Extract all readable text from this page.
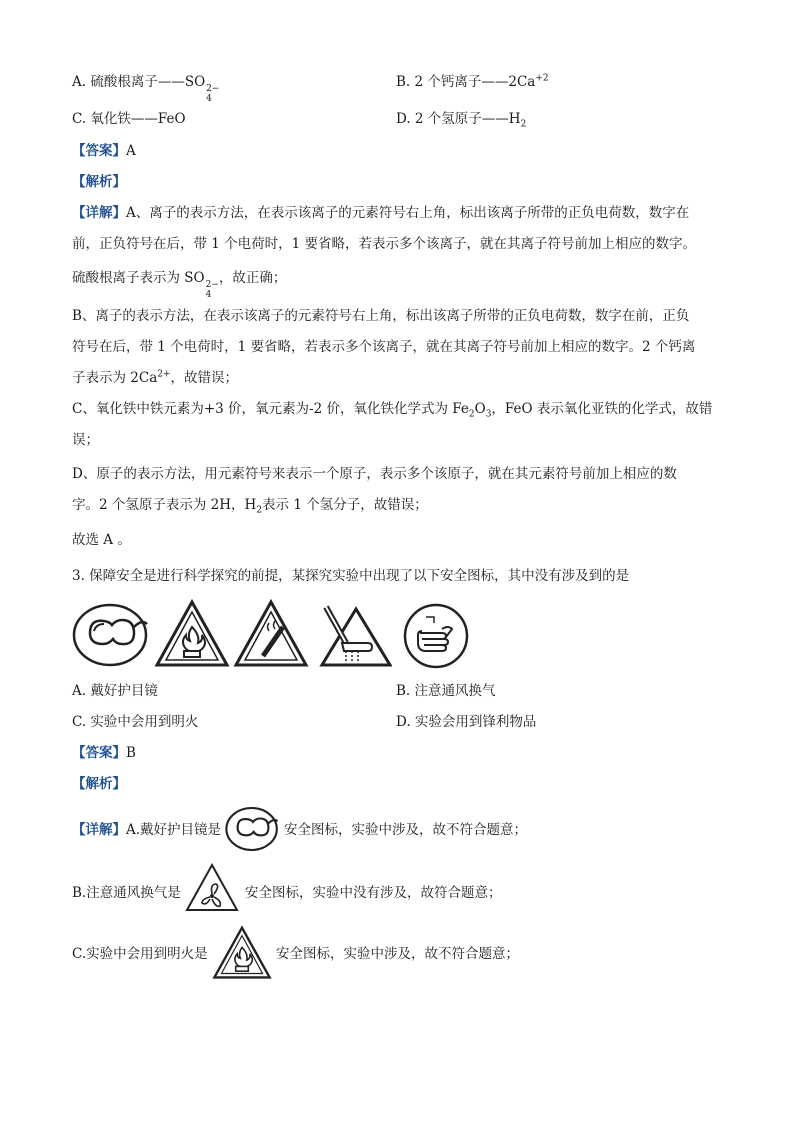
A. 硫酸根离子——SO 2−
4
B. 2 个钙离子$——2Ca^{+2}$
C. 氧化铁——FeO	D. 2 个氢原子$——H_2$
【答案】A
【解析】
【详解】A、离子的表示方法，在表示该离子的元素符号右上角，标出该离子所带的正负电荷数，数字在
前，正负符号在后，带 1 个电荷时，1 要省略，若表示多个该离子，就在其离子符号前加上相应的数字。
硫酸根离子表示为 SO 2−
4
，故正确；
B、离子的表示方法，在表示该离子的元素符号右上角，标出该离子所带的正负电荷数，数字在前，正负
符号在后，带 1 个电荷时，1 要省略，若表示多个该离子，就在其离子符号前加上相应的数字。2 个钙离
子表示为 $2Ca^{2+}$，故错误；
C、氧化铁中铁元素为+3 价，氧元素为-2 价，氧化铁化学式为 $Fe_2O_3$，FeO 表示氧化亚铁的化学式，故错
误；
D、原子的表示方法，用元素符号来表示一个原子，表示多个该原子，就在其元素符号前加上相应的数
字。2 个氢原子表示为 2H，$H_2$表示 1 个氢分子，故错误；
故选 A 。
3. 保障安全是进行科学探究的前提，某探究实验中出现了以下安全图标，其中没有涉及到的是
A. 戴好护目镜	B. 注意通风换气
C. 实验中会用到明火	D. 实验会用到锋利物品
【答案】B
【解析】
【详解】A.戴好护目镜是	安全图标，实验中涉及，故不符合题意；
B.注意通风换气是	安全图标，实验中没有涉及，故符合题意；
C.实验中会用到明火是	安全图标，实验中涉及，故不符合题意；
